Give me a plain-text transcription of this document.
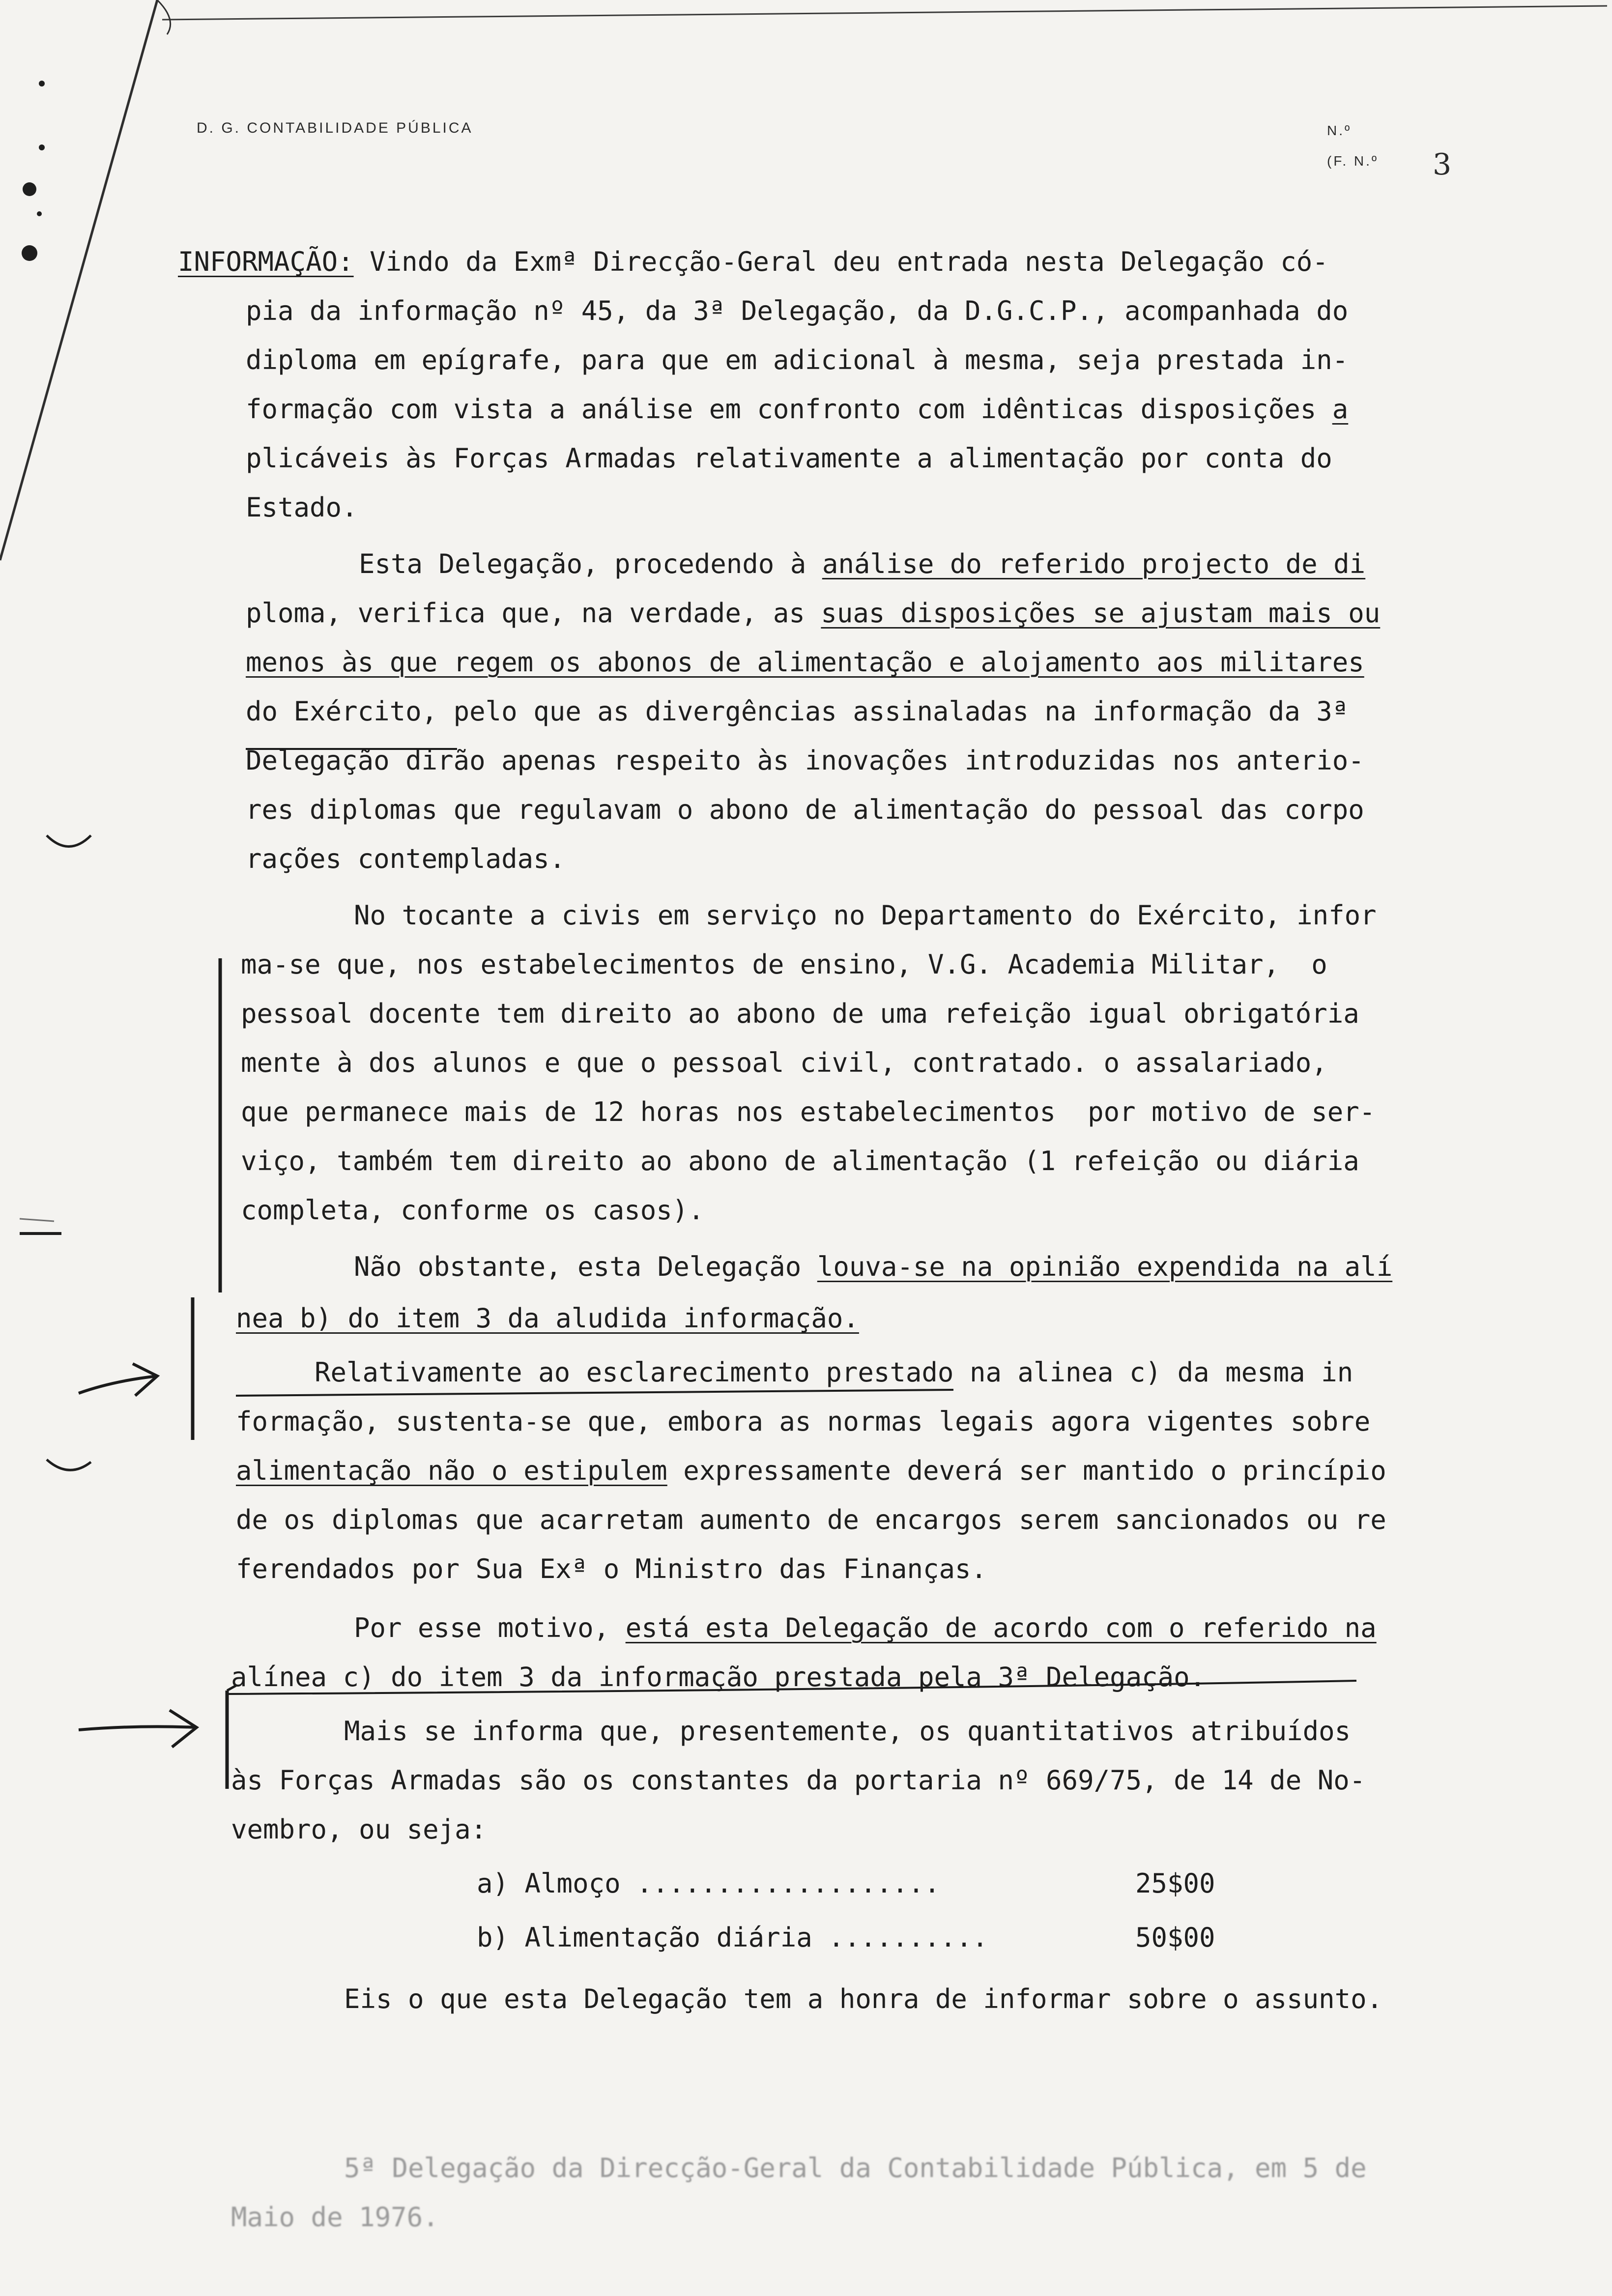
D. G. CONTABILIDADE PÚBLICA	N.º
(F. N.º 3
INFORMAÇÃO: Vindo da Exmª Direcção-Geral deu entrada nesta Delegação có-
pia da informação nº 45, da 3ª Delegação, da D.G.C.P., acompanhada do
diploma em epígrafe, para que em adicional à mesma, seja prestada in-
formação com vista a análise em confronto com idênticas disposições a
plicáveis às Forças Armadas relativamente a alimentação por conta do
Estado.
Esta Delegação, procedendo à análise do referido projecto de di
ploma, verifica que, na verdade, as suas disposições se ajustam mais ou
menos às que regem os abonos de alimentação e alojamento aos militares
do Exército, pelo que as divergências assinaladas na informação da 3ª
Delegação dirão apenas respeito às inovações introduzidas nos anterio-
res diplomas que regulavam o abono de alimentação do pessoal das corpo
rações contempladas.
No tocante a civis em serviço no Departamento do Exército, infor
ma-se que, nos estabelecimentos de ensino, V.G. Academia Militar,  o
pessoal docente tem direito ao abono de uma refeição igual obrigatória
mente à dos alunos e que o pessoal civil, contratado. o assalariado,
que permanece mais de 12 horas nos estabelecimentos  por motivo de ser-
viço, também tem direito ao abono de alimentação (1 refeição ou diária
completa, conforme os casos).
Não obstante, esta Delegação louva-se na opinião expendida na alí
nea b) do item 3 da aludida informação.
Relativamente ao esclarecimento prestado na alinea c) da mesma in
formação, sustenta-se que, embora as normas legais agora vigentes sobre
alimentação não o estipulem expressamente deverá ser mantido o princípio
de os diplomas que acarretam aumento de encargos serem sancionados ou re
ferendados por Sua Exª o Ministro das Finanças.
Por esse motivo, está esta Delegação de acordo com o referido na
alínea c) do item 3 da informação prestada pela 3ª Delegação.
Mais se informa que, presentemente, os quantitativos atribuídos
às Forças Armadas são os constantes da portaria nº 669/75, de 14 de No-
vembro, ou seja:
a) Almoço ...................	25$00
b) Alimentação diária ..........	50$00
Eis o que esta Delegação tem a honra de informar sobre o assunto.
5ª Delegação da Direcção-Geral da Contabilidade Pública, em 5 de
Maio de 1976.
